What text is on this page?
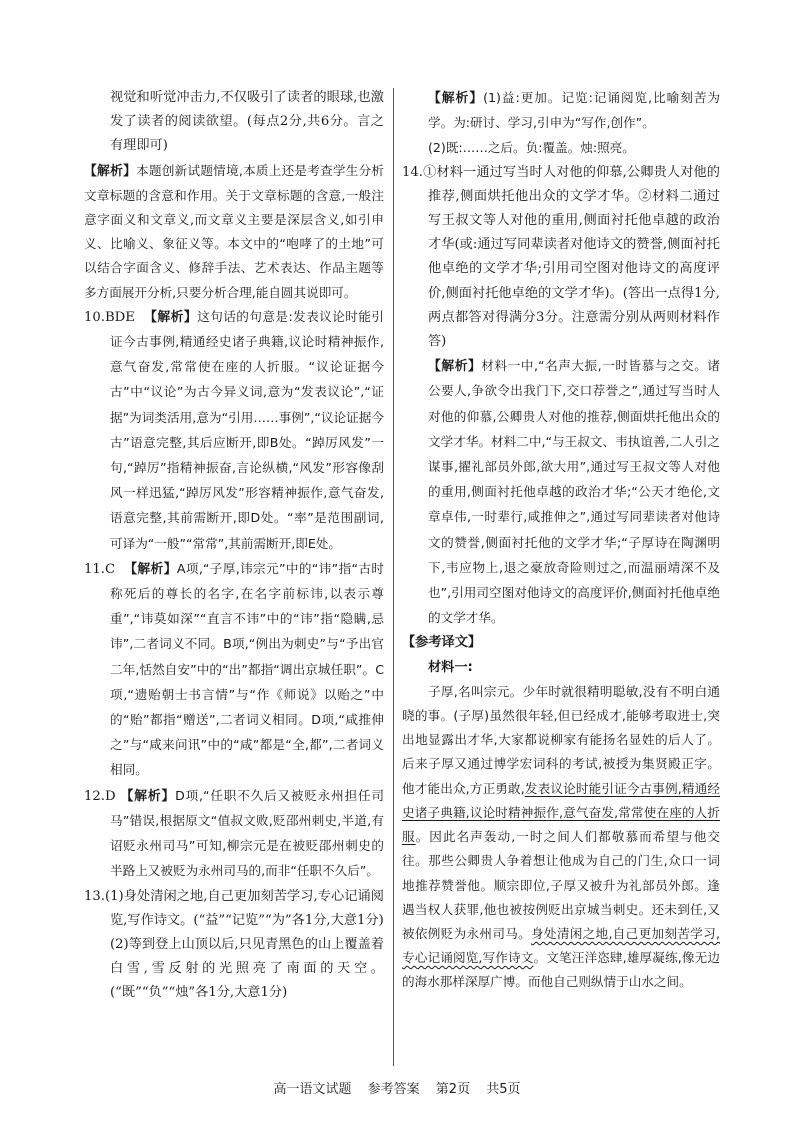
视觉和听觉冲击力,不仅吸引了读者的眼球,也激发了读者的阅读欲望。(每点2分,共6分。言之有理即可)

【解析】本题创新试题情境,本质上还是考查学生分析文章标题的含意和作用。关于文章标题的含意,一般注意字面义和文章义,而文章义主要是深层含义,如引申义、比喻义、象征义等。本文中的“咆哮了的土地”可以结合字面含义、修辞手法、艺术表达、作品主题等多方面展开分析,只要分析合理,能自圆其说即可。

10.BDE 【解析】这句话的句意是:发表议论时能引证今古事例,精通经史诸子典籍,议论时精神振作,意气奋发,常常使在座的人折服。“议论证据今古”中“议论”为古今异义词,意为“发表议论”,“证据”为词类活用,意为“引用……事例”,“议论证据今古”语意完整,其后应断开,即B处。“踔厉风发”一句,“踔厉”指精神振奋,言论纵横,“风发”形容像刮风一样迅猛,“踔厉风发”形容精神振作,意气奋发,语意完整,其前需断开,即D处。“率”是范围副词,可译为“一般”“常常”,其前需断开,即E处。

11.C 【解析】A项,“子厚,讳宗元”中的“讳”指“古时称死后的尊长的名字,在名字前标讳,以表示尊重”,“讳莫如深”“直言不讳”中的“讳”指“隐瞒,忌讳”,二者词义不同。B项,“例出为刺史”与“予出官二年,恬然自安”中的“出”都指“调出京城任职”。C项,“遗贻朝士书言情”与“作《师说》以贻之”中的“贻”都指“赠送”,二者词义相同。D项,“咸推伸之”与“咸来问讯”中的“咸”都是“全,都”,二者词义相同。

12.D 【解析】D项,“任职不久后又被贬永州担任司马”错误,根据原文“值叔文败,贬邵州刺史,半道,有诏贬永州司马”可知,柳宗元是在被贬邵州刺史的半路上又被贬为永州司马的,而非“任职不久后”。

13.(1)身处清闲之地,自己更加刻苦学习,专心记诵阅览,写作诗文。(“益”“记览”“为”各1分,大意1分)

(2)等到登上山顶以后,只见青黑色的山上覆盖着白雪,雪反射的光照亮了南面的天空。(“既”“负”“烛”各1分,大意1分)

【解析】(1)益:更加。记览:记诵阅览,比喻刻苦为学。为:研讨、学习,引申为“写作,创作”。

(2)既:……之后。负:覆盖。烛:照亮。

14.①材料一通过写当时人对他的仰慕,公卿贵人对他的推荐,侧面烘托他出众的文学才华。②材料二通过写王叔文等人对他的重用,侧面衬托他卓越的政治才华(或:通过写同辈读者对他诗文的赞誉,侧面衬托他卓绝的文学才华;引用司空图对他诗文的高度评价,侧面衬托他卓绝的文学才华)。(答出一点得1分,两点都答对得满分3分。注意需分别从两则材料作答)

【解析】材料一中,“名声大振,一时皆慕与之交。诸公要人,争欲令出我门下,交口荐誉之”,通过写当时人对他的仰慕,公卿贵人对他的推荐,侧面烘托他出众的文学才华。材料二中,“与王叔文、韦执谊善,二人引之谋事,擢礼部员外郎,欲大用”,通过写王叔文等人对他的重用,侧面衬托他卓越的政治才华;“公天才绝伦,文章卓伟,一时辈行,咸推伸之”,通过写同辈读者对他诗文的赞誉,侧面衬托他的文学才华;“子厚诗在陶渊明下,韦应物上,退之豪放奇险则过之,而温丽靖深不及也”,引用司空图对他诗文的高度评价,侧面衬托他卓绝的文学才华。

【参考译文】

材料一:

子厚,名叫宗元。少年时就很精明聪敏,没有不明白通晓的事。(子厚)虽然很年轻,但已经成才,能够考取进士,突出地显露出才华,大家都说柳家有能扬名显姓的后人了。后来子厚又通过博学宏词科的考试,被授为集贤殿正字。他才能出众,方正勇敢,发表议论时能引证今古事例,精通经史诸子典籍,议论时精神振作,意气奋发,常常使在座的人折服。因此名声轰动,一时之间人们都敬慕而希望与他交往。那些公卿贵人争着想让他成为自己的门生,众口一词地推荐赞誉他。顺宗即位,子厚又被升为礼部员外郎。逢遇当权人获罪,他也被按例贬出京城当刺史。还未到任,又被依例贬为永州司马。身处清闲之地,自己更加刻苦学习,专心记诵阅览,写作诗文。文笔汪洋恣肆,雄厚凝练,像无边的海水那样深厚广博。而他自己则纵情于山水之间。

高一语文试题 参考答案 第2页 共5页
